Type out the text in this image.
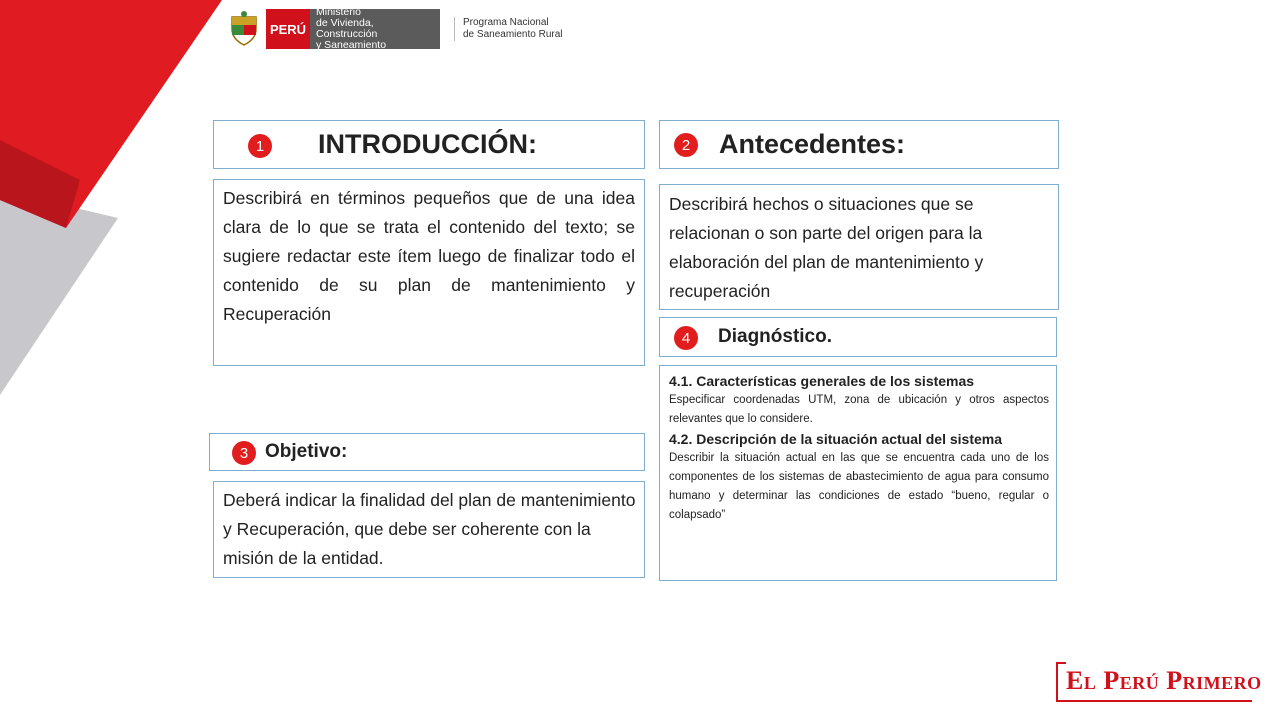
PERÚ
Ministerio
de Vivienda, Construcción
y Saneamiento
Programa Nacional
de Saneamiento Rural
1 INTRODUCCIÓN:
Describirá en términos pequeños que de una idea clara de lo que se trata el contenido del texto; se sugiere redactar este ítem luego de finalizar todo el contenido de su plan de mantenimiento y Recuperación
2 Antecedentes:
Describirá hechos o situaciones que se relacionan o son parte del origen para la elaboración del plan de mantenimiento y recuperación
4	Diagnóstico.
4.1. Características generales de los sistemas
Especificar coordenadas UTM, zona de ubicación y otros aspectos relevantes que lo considere.
4.2. Descripción de la situación actual del sistema
Describir la situación actual en las que se encuentra cada uno de los componentes de los sistemas de abastecimiento de agua para consumo humano y determinar las condiciones de estado “bueno, regular o colapsado”
3 Objetivo:
Deberá indicar la finalidad del plan de mantenimiento y Recuperación, que debe ser coherente con la misión de la entidad.
El Perú Primero
